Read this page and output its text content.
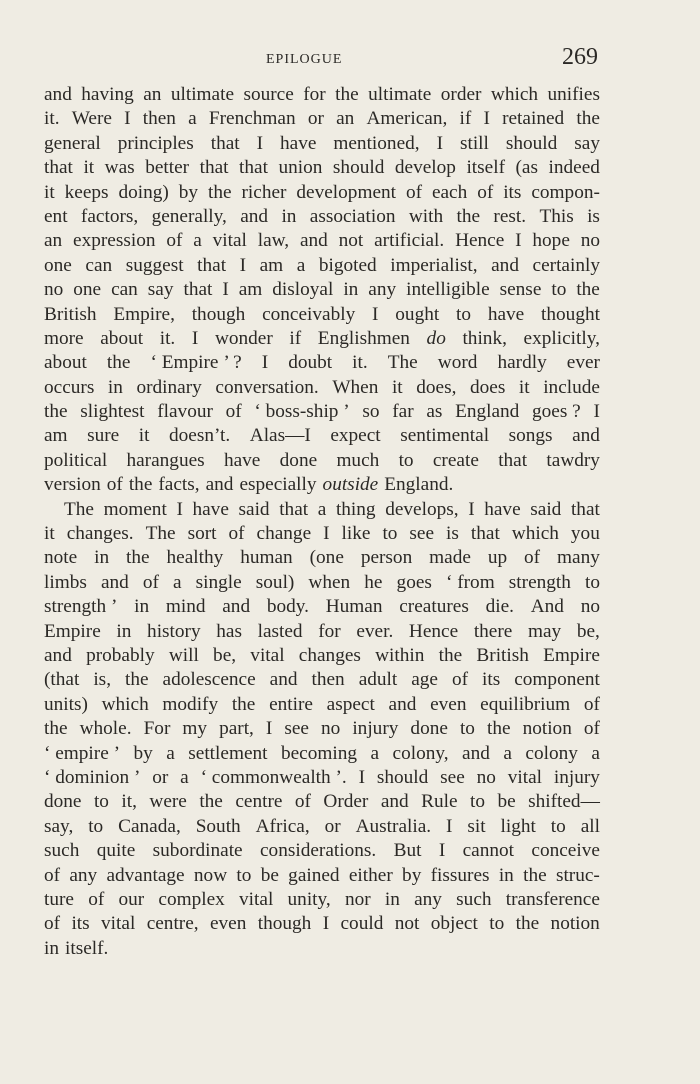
EPILOGUE	269
and having an ultimate source for the ultimate order which unifies
it. Were I then a Frenchman or an American, if I retained the
general principles that I have mentioned, I still should say
that it was better that that union should develop itself (as indeed
it keeps doing) by the richer development of each of its compon-
ent factors, generally, and in association with the rest. This is
an expression of a vital law, and not artificial. Hence I hope no
one can suggest that I am a bigoted imperialist, and certainly
no one can say that I am disloyal in any intelligible sense to the
British Empire, though conceivably I ought to have thought
more about it. I wonder if Englishmen do think, explicitly,
about the ‘ Empire ’ ? I doubt it. The word hardly ever
occurs in ordinary conversation. When it does, does it include
the slightest flavour of ‘ boss-ship ’ so far as England goes ? I
am sure it doesn’t. Alas—I expect sentimental songs and
political harangues have done much to create that tawdry
version of the facts, and especially outside England.
The moment I have said that a thing develops, I have said that
it changes. The sort of change I like to see is that which you
note in the healthy human (one person made up of many
limbs and of a single soul) when he goes ‘ from strength to
strength ’ in mind and body. Human creatures die. And no
Empire in history has lasted for ever. Hence there may be,
and probably will be, vital changes within the British Empire
(that is, the adolescence and then adult age of its component
units) which modify the entire aspect and even equilibrium of
the whole. For my part, I see no injury done to the notion of
‘ empire ’ by a settlement becoming a colony, and a colony a
‘ dominion ’ or a ‘ commonwealth ’. I should see no vital injury
done to it, were the centre of Order and Rule to be shifted—
say, to Canada, South Africa, or Australia. I sit light to all
such quite subordinate considerations. But I cannot conceive
of any advantage now to be gained either by fissures in the struc-
ture of our complex vital unity, nor in any such transference
of its vital centre, even though I could not object to the notion
in itself.
